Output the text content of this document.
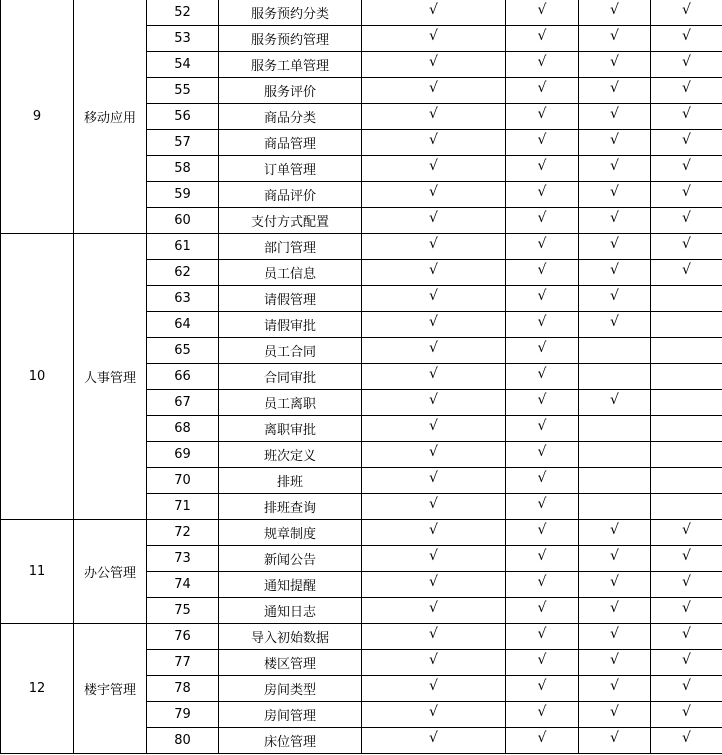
9	移动应用	52	服务预约分类	√	√	√	√
		53	服务预约管理	√	√	√	√
		54	服务工单管理	√	√	√	√
		55	服务评价	√	√	√	√
		56	商品分类	√	√	√	√
		57	商品管理	√	√	√	√
		58	订单管理	√	√	√	√
		59	商品评价	√	√	√	√
		60	支付方式配置	√	√	√	√
10	人事管理	61	部门管理	√	√	√	√
		62	员工信息	√	√	√	√
		63	请假管理	√	√	√	
		64	请假审批	√	√	√	
		65	员工合同	√	√		
		66	合同审批	√	√		
		67	员工离职	√	√	√	
		68	离职审批	√	√		
		69	班次定义	√	√		
		70	排班	√	√		
		71	排班查询	√	√		
11	办公管理	72	规章制度	√	√	√	√
		73	新闻公告	√	√	√	√
		74	通知提醒	√	√	√	√
		75	通知日志	√	√	√	√
12	楼宇管理	76	导入初始数据	√	√	√	√
		77	楼区管理	√	√	√	√
		78	房间类型	√	√	√	√
		79	房间管理	√	√	√	√
		80	床位管理	√	√	√	√
